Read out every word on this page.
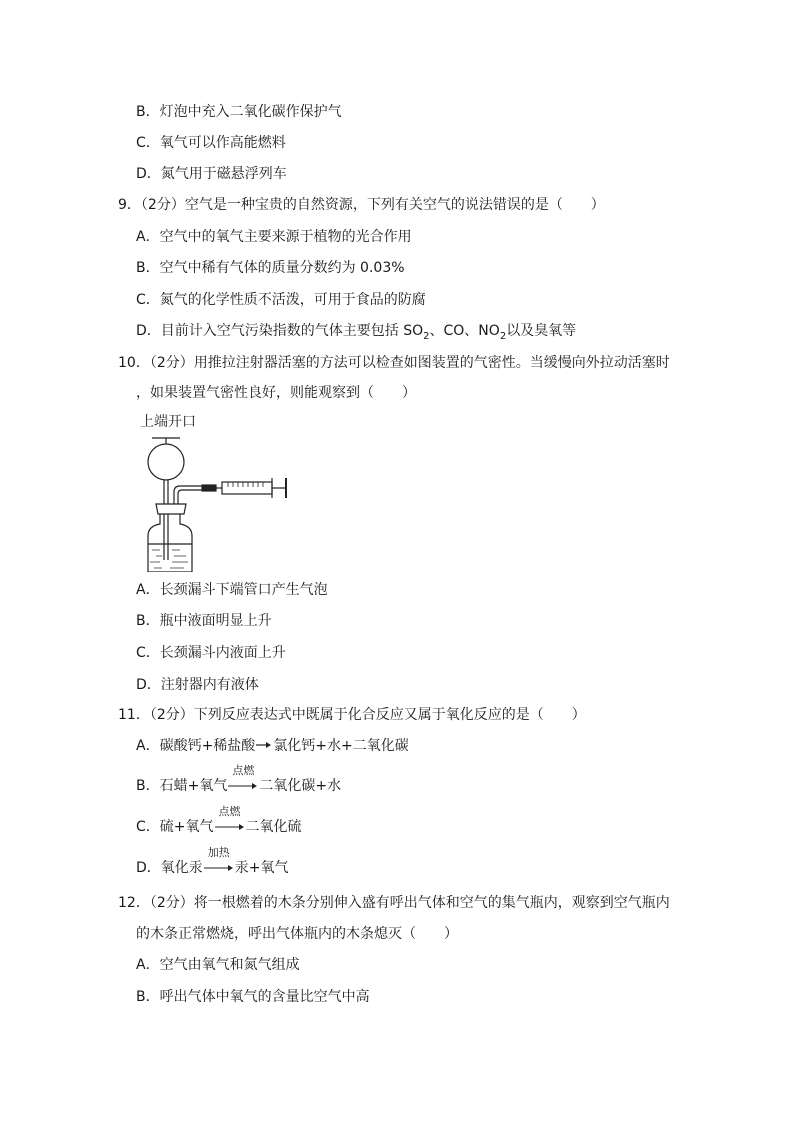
B．灯泡中充入二氧化碳作保护气
C．氧气可以作高能燃料
D．氮气用于磁悬浮列车
9．（2分）空气是一种宝贵的自然资源，下列有关空气的说法错误的是（　　）
A．空气中的氧气主要来源于植物的光合作用
B．空气中稀有气体的质量分数约为 0.03%
C．氮气的化学性质不活泼，可用于食品的防腐
D．目前计入空气污染指数的气体主要包括 $SO_2$、CO、$NO_2$以及臭氧等
10．（2分）用推拉注射器活塞的方法可以检查如图装置的气密性。当缓慢向外拉动活塞时
，如果装置气密性良好，则能观察到（　　）
上端开口
A．长颈漏斗下端管口产生气泡
B．瓶中液面明显上升
C．长颈漏斗内液面上升
D．注射器内有液体
11．（2分）下列反应表达式中既属于化合反应又属于氧化反应的是（　　）
A．碳酸钙+稀盐酸→氯化钙+水+二氧化碳
B．石蜡+氧气
点燃
二氧化碳+水
C．硫+氧气
点燃
二氧化硫
D．氧化汞
加热
汞+氧气
12．（2分）将一根燃着的木条分别伸入盛有呼出气体和空气的集气瓶内，观察到空气瓶内
的木条正常燃烧，呼出气体瓶内的木条熄灭（　　）
A．空气由氧气和氮气组成
B．呼出气体中氧气的含量比空气中高
